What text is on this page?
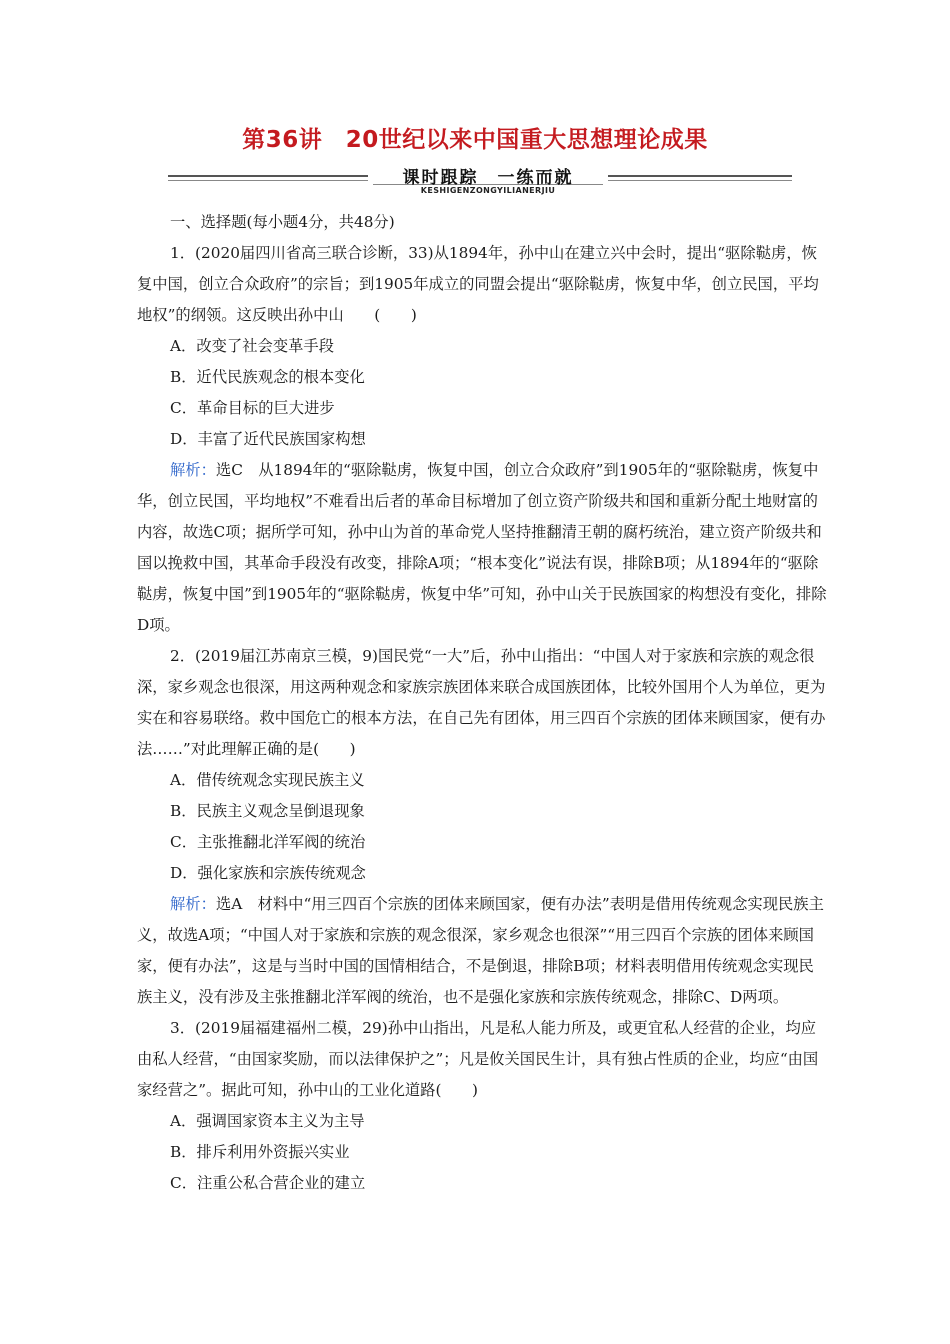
第36讲　20世纪以来中国重大思想理论成果
课时跟踪　一练而就
KESHIGENZONGYILIANERJIU

一、选择题(每小题4分，共48分)

1．(2020届四川省高三联合诊断，33)从1894年，孙中山在建立兴中会时，提出“驱除鞑虏，恢复中国，创立合众政府”的宗旨；到1905年成立的同盟会提出“驱除鞑虏，恢复中华，创立民国，平均地权”的纲领。这反映出孙中山　　(　　)

A．改变了社会变革手段

B．近代民族观念的根本变化

C．革命目标的巨大进步

D．丰富了近代民族国家构想

解析：选C　从1894年的“驱除鞑虏，恢复中国，创立合众政府”到1905年的“驱除鞑虏，恢复中华，创立民国，平均地权”不难看出后者的革命目标增加了创立资产阶级共和国和重新分配土地财富的内容，故选C项；据所学可知，孙中山为首的革命党人坚持推翻清王朝的腐朽统治，建立资产阶级共和国以挽救中国，其革命手段没有改变，排除A项；“根本变化”说法有误，排除B项；从1894年的“驱除鞑虏，恢复中国”到1905年的“驱除鞑虏，恢复中华”可知，孙中山关于民族国家的构想没有变化，排除D项。

2．(2019届江苏南京三模，9)国民党“一大”后，孙中山指出：“中国人对于家族和宗族的观念很深，家乡观念也很深，用这两种观念和家族宗族团体来联合成国族团体，比较外国用个人为单位，更为实在和容易联络。救中国危亡的根本方法，在自己先有团体，用三四百个宗族的团体来顾国家，便有办法……”对此理解正确的是(　　)

A．借传统观念实现民族主义

B．民族主义观念呈倒退现象

C．主张推翻北洋军阀的统治

D．强化家族和宗族传统观念

解析：选A　材料中“用三四百个宗族的团体来顾国家，便有办法”表明是借用传统观念实现民族主义，故选A项；“中国人对于家族和宗族的观念很深，家乡观念也很深”“用三四百个宗族的团体来顾国家，便有办法”，这是与当时中国的国情相结合，不是倒退，排除B项；材料表明借用传统观念实现民族主义，没有涉及主张推翻北洋军阀的统治，也不是强化家族和宗族传统观念，排除C、D两项。

3．(2019届福建福州二模，29)孙中山指出，凡是私人能力所及，或更宜私人经营的企业，均应由私人经营，“由国家奖励，而以法律保护之”；凡是攸关国民生计，具有独占性质的企业，均应“由国家经营之”。据此可知，孙中山的工业化道路(　　)

A．强调国家资本主义为主导

B．排斥利用外资振兴实业

C．注重公私合营企业的建立
